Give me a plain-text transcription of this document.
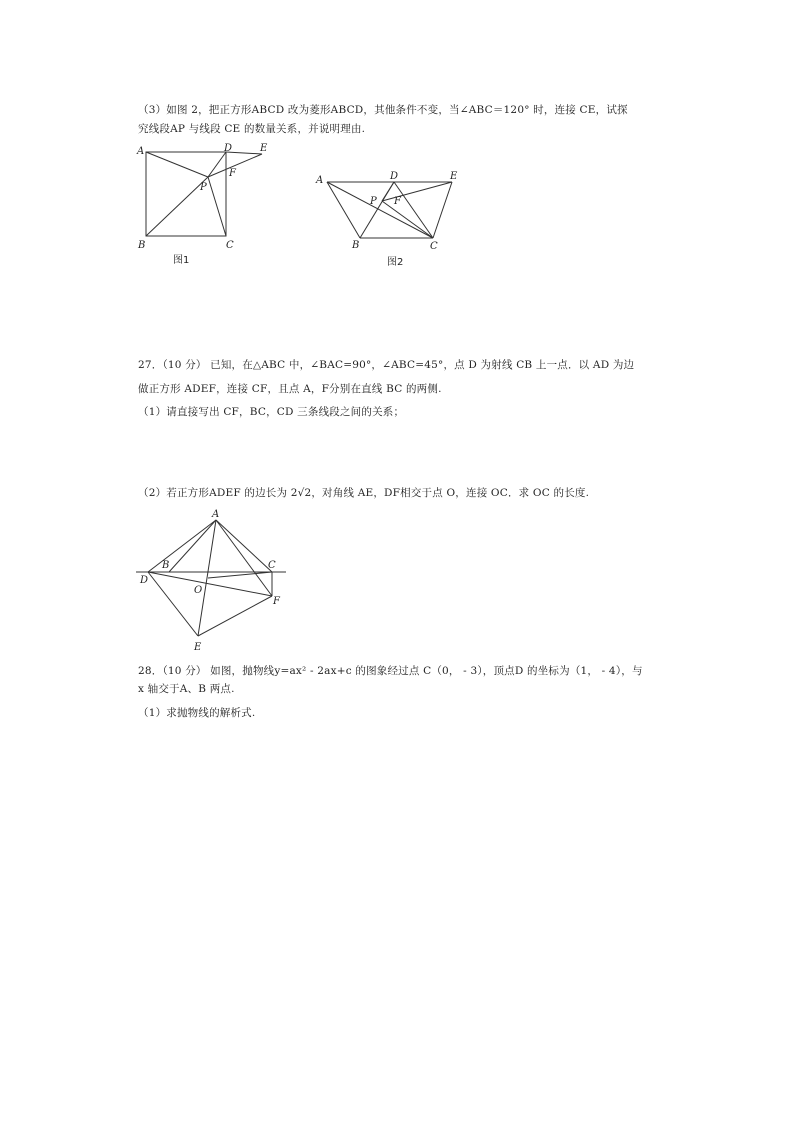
（3）如图 2，把正方形ABCD 改为菱形ABCD，其他条件不变，当∠ABC＝120° 时，连接 CE，试探
究线段AP 与线段 CE 的数量关系，并说明理由.
A	D	E
P
F
B	C
图1
A	D	E
P F
B	C
图2
27．（10 分） 已知，在△ABC 中，∠BAC=90°，∠ABC=45°，点 D 为射线 CB 上一点．以 AD 为边
做正方形 ADEF，连接 CF，且点 A，F分别在直线 BC 的两侧.
（1）请直接写出 CF，BC，CD 三条线段之间的关系；
（2）若正方形ADEF 的边长为 2√2，对角线 AE，DF相交于点 O，连接 OC．求 OC 的长度.
A
B	C
D
E
F
O
28．（10 分） 如图，抛物线y=ax² - 2ax+c 的图象经过点 C（0， - 3），顶点D 的坐标为（1， - 4），与
x 轴交于A、B 两点.
（1）求抛物线的解析式.
